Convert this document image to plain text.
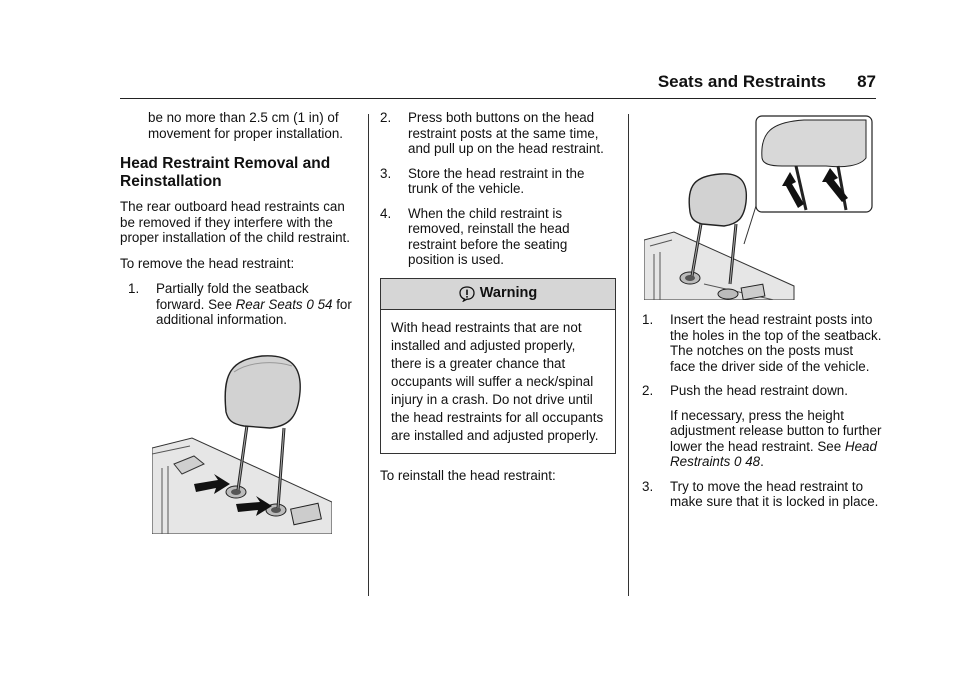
Seats and Restraints 87

be no more than 2.5 cm (1 in) of movement for proper installation.

Head Restraint Removal and Reinstallation

The rear outboard head restraints can be removed if they interfere with the proper installation of the child restraint.

To remove the head restraint:

1.	Partially fold the seatback forward. See Rear Seats 0 54 for additional information.
2.	Press both buttons on the head restraint posts at the same time, and pull up on the head restraint.
3.	Store the head restraint in the trunk of the vehicle.
4.	When the child restraint is removed, reinstall the head restraint before the seating position is used.
Warning
With head restraints that are not installed and adjusted properly, there is a greater chance that occupants will suffer a neck/spinal injury in a crash. Do not drive until the head restraints for all occupants are installed and adjusted properly.

To reinstall the head restraint:

1.	Insert the head restraint posts into the holes in the top of the seatback. The notches on the posts must face the driver side of the vehicle.
2.	Push the head restraint down.

If necessary, press the height adjustment release button to further lower the head restraint. See Head Restraints 0 48.

3.	Try to move the head restraint to make sure that it is locked in place.
